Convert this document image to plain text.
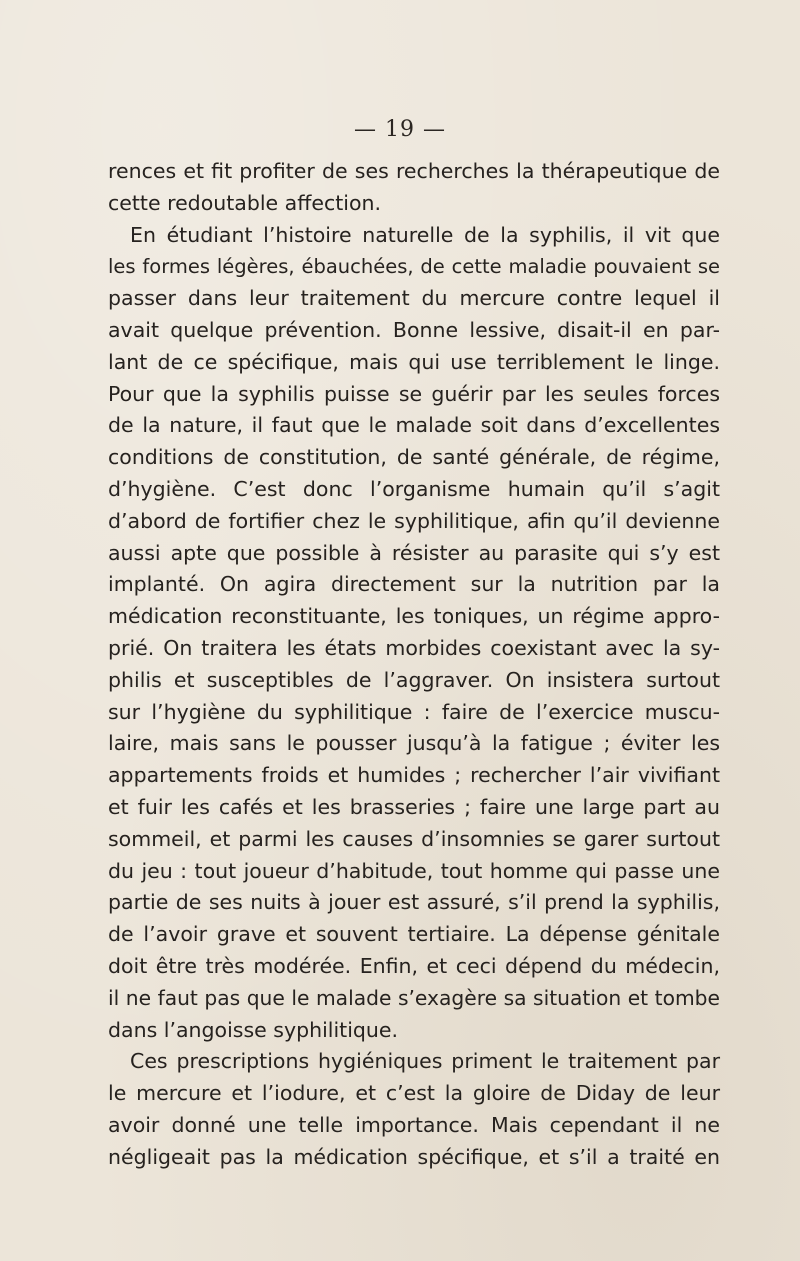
— 19 —
rences et fit profiter de ses recherches la thérapeutique de
cette redoutable affection.
En étudiant l’histoire naturelle de la syphilis, il vit que
les formes légères, ébauchées, de cette maladie pouvaient se
passer dans leur traitement du mercure contre lequel il
avait quelque prévention. Bonne lessive, disait-il en par-
lant de ce spécifique, mais qui use terriblement le linge.
Pour que la syphilis puisse se guérir par les seules forces
de la nature, il faut que le malade soit dans d’excellentes
conditions de constitution, de santé générale, de régime,
d’hygiène. C’est donc l’organisme humain qu’il s’agit
d’abord de fortifier chez le syphilitique, afin qu’il devienne
aussi apte que possible à résister au parasite qui s’y est
implanté. On agira directement sur la nutrition par la
médication reconstituante, les toniques, un régime appro-
prié. On traitera les états morbides coexistant avec la sy-
philis et susceptibles de l’aggraver. On insistera surtout
sur l’hygiène du syphilitique : faire de l’exercice muscu-
laire, mais sans le pousser jusqu’à la fatigue ; éviter les
appartements froids et humides ; rechercher l’air vivifiant
et fuir les cafés et les brasseries ; faire une large part au
sommeil, et parmi les causes d’insomnies se garer surtout
du jeu : tout joueur d’habitude, tout homme qui passe une
partie de ses nuits à jouer est assuré, s’il prend la syphilis,
de l’avoir grave et souvent tertiaire. La dépense génitale
doit être très modérée. Enfin, et ceci dépend du médecin,
il ne faut pas que le malade s’exagère sa situation et tombe
dans l’angoisse syphilitique.
Ces prescriptions hygiéniques priment le traitement par
le mercure et l’iodure, et c’est la gloire de Diday de leur
avoir donné une telle importance. Mais cependant il ne
négligeait pas la médication spécifique, et s’il a traité en
